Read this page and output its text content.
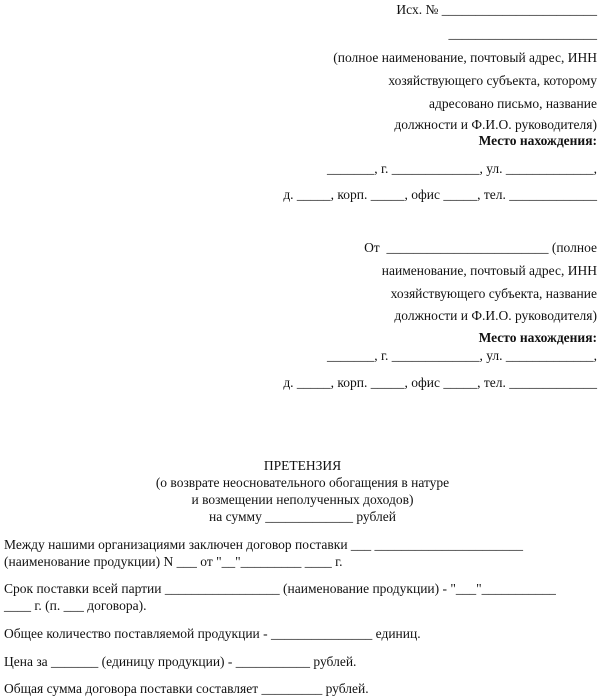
Исх. № _______________________
______________________
(полное наименование, почтовый адрес, ИНН
хозяйствующего субъекта, которому
адресовано письмо, название
должности и Ф.И.О. руководителя)
Место нахождения:
_______, г. _____________, ул. _____________,
д. _____, корп. _____, офис _____, тел. _____________
От  ________________________ (полное
наименование, почтовый адрес, ИНН
хозяйствующего субъекта, название
должности и Ф.И.О. руководителя)
Место нахождения:
_______, г. _____________, ул. _____________,
д. _____, корп. _____, офис _____, тел. _____________
ПРЕТЕНЗИЯ
(о возврате неосновательного обогащения в натуре
и возмещении неполученных доходов)
на сумму _____________ рублей
Между нашими организациями заключен договор поставки ___ ______________________
(наименование продукции) N ___ от "__"_________ ____ г.
Срок поставки всей партии _________________ (наименование продукции) - "___"___________
____ г. (п. ___ договора).
Общее количество поставляемой продукции - _______________ единиц.
Цена за _______ (единицу продукции) - ___________ рублей.
Общая сумма договора поставки составляет _________ рублей.
